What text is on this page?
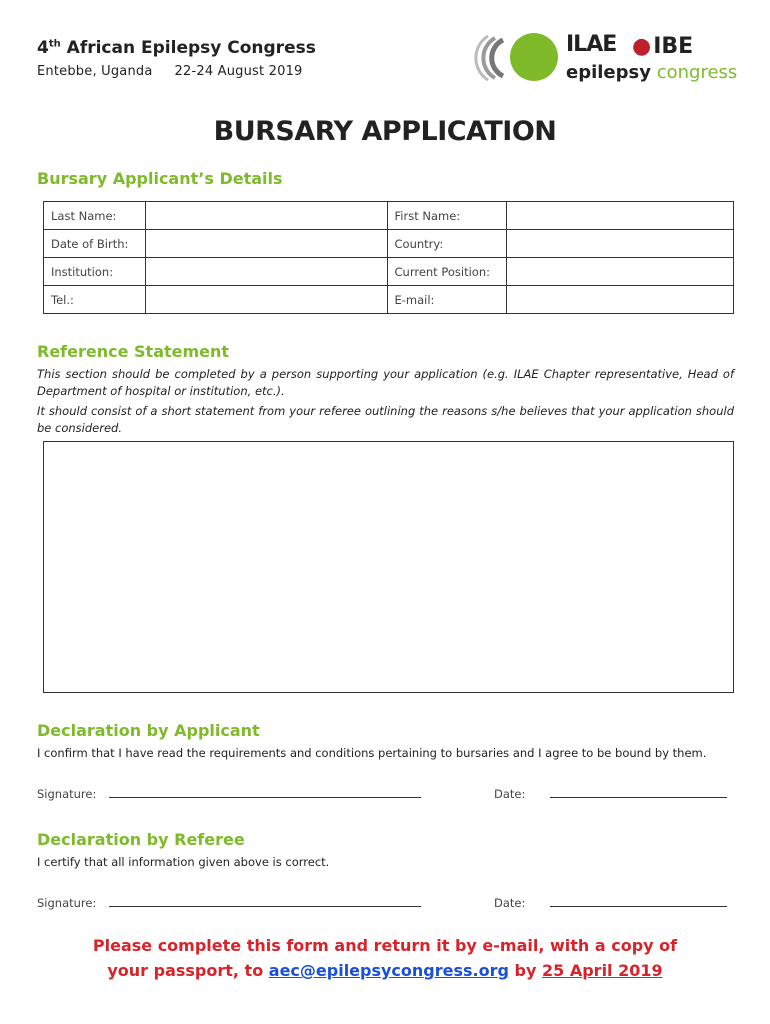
4th African Epilepsy Congress
Entebbe, Uganda 22-24 August 2019
ILAE ●IBE
epilepsy congress
BURSARY APPLICATION
Bursary Applicant’s Details
Last Name:		First Name:	
Date of Birth:		Country:	
Institution:		Current Position:	
Tel.:		E-mail:	
Reference Statement
This section should be completed by a person supporting your application (e.g. ILAE Chapter representative, Head of Department of hospital or institution, etc.).
It should consist of a short statement from your referee outlining the reasons s/he believes that your application should be considered.
Declaration by Applicant
I confirm that I have read the requirements and conditions pertaining to bursaries and I agree to be bound by them.
Signature:	Date:
Declaration by Referee
I certify that all information given above is correct.
Signature:	Date:
Please complete this form and return it by e-mail, with a copy of
your passport, to aec@epilepsycongress.org by 25 April 2019
